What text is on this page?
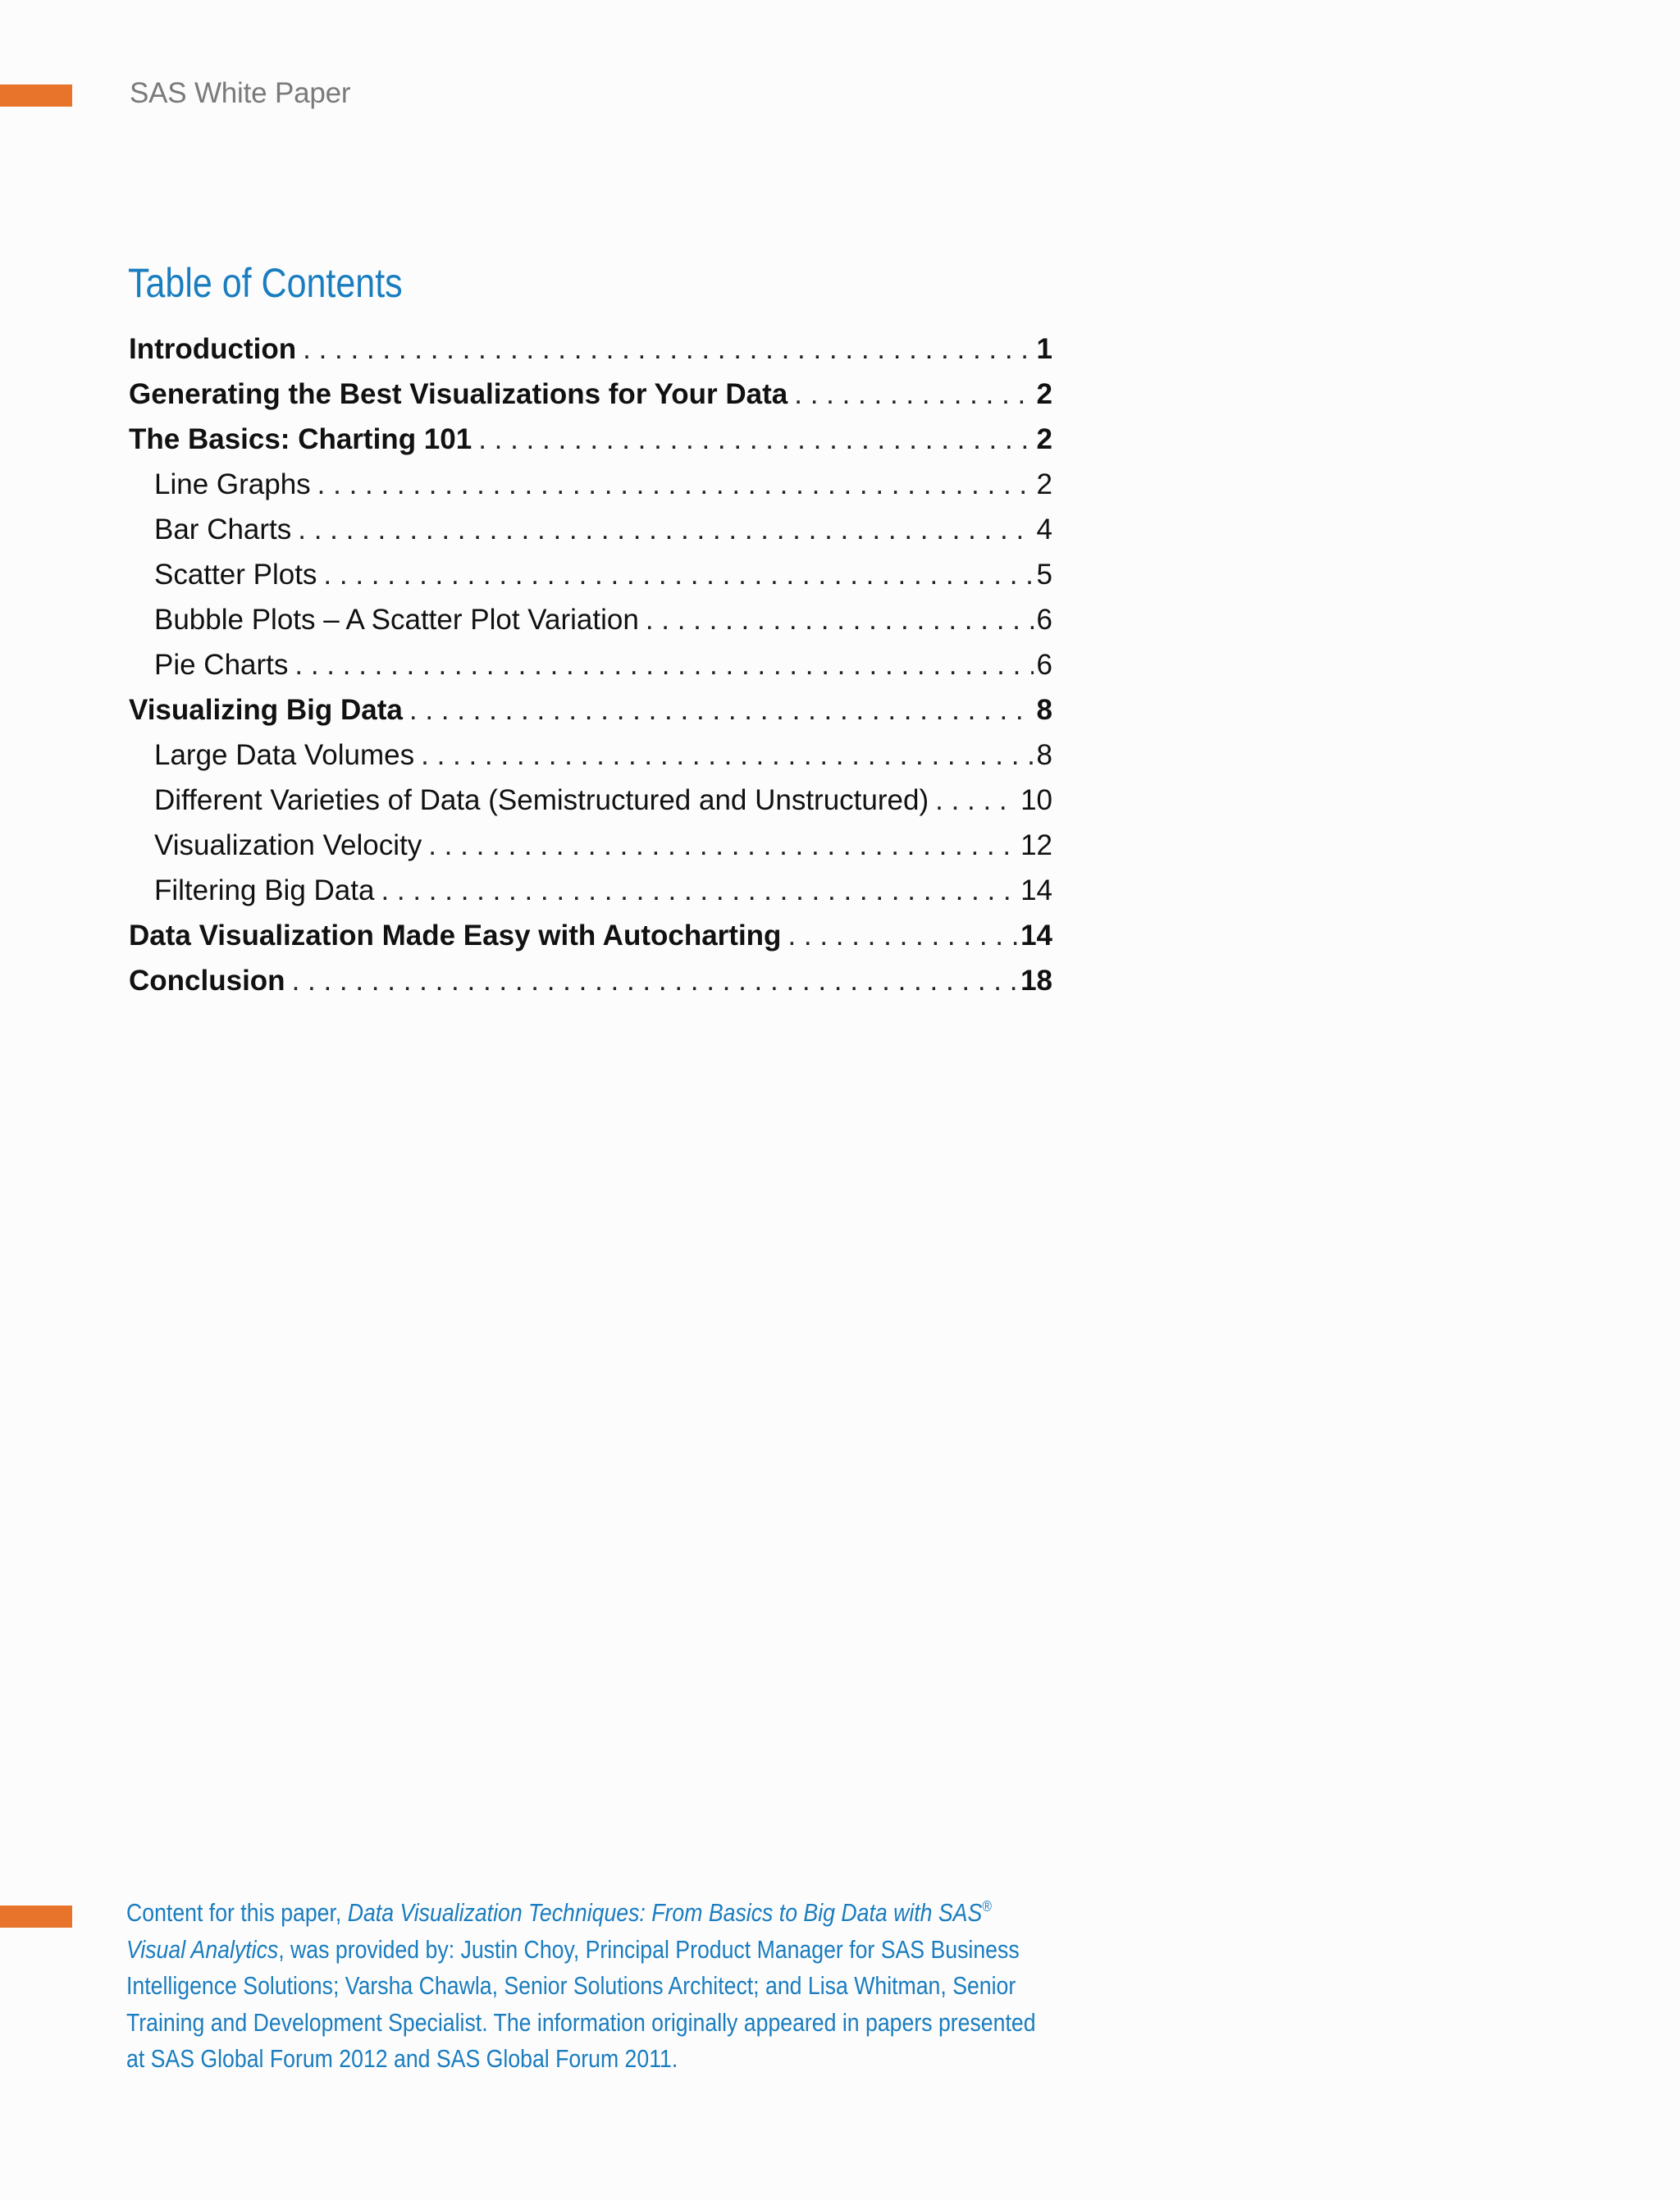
SAS White Paper
Table of Contents
Introduction . . .	1
Generating the Best Visualizations for Your Data . . .	2
The Basics: Charting 101 . . .	2
Line Graphs . . .	2
Bar Charts . . .	4
Scatter Plots . . .	5
Bubble Plots – A Scatter Plot Variation . . .	6
Pie Charts . . .	6
Visualizing Big Data . . .	8
Large Data Volumes . . .	8
Different Varieties of Data (Semistructured and Unstructured) . . .	10
Visualization Velocity . . .	12
Filtering Big Data . . .	14
Data Visualization Made Easy with Autocharting . . .	14
Conclusion . . .	18

Content for this paper, Data Visualization Techniques: From Basics to Big Data with SAS® Visual Analytics, was provided by: Justin Choy, Principal Product Manager for SAS Business Intelligence Solutions; Varsha Chawla, Senior Solutions Architect; and Lisa Whitman, Senior Training and Development Specialist. The information originally appeared in papers presented at SAS Global Forum 2012 and SAS Global Forum 2011.
